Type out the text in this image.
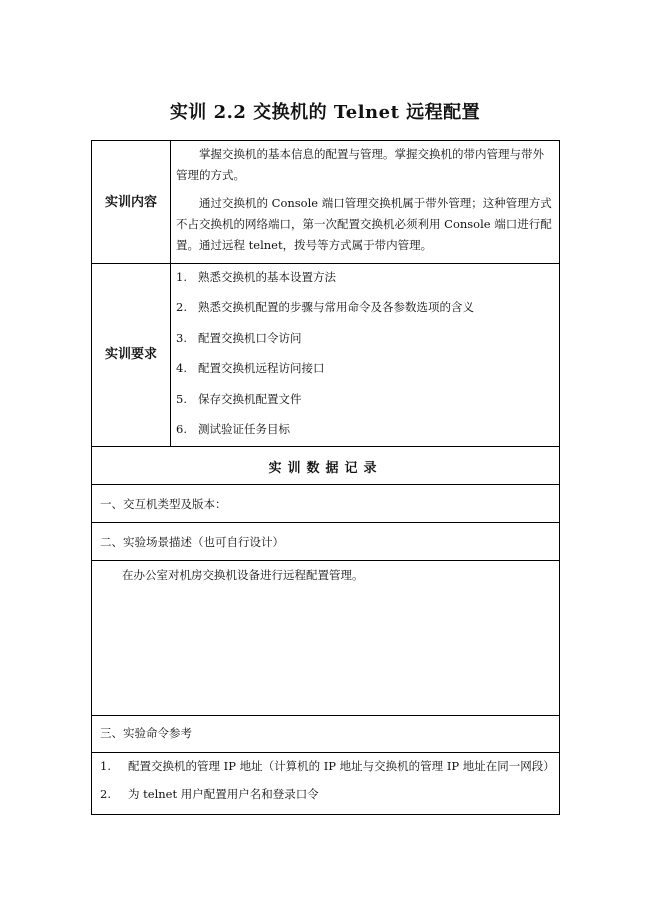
实训 2.2 交换机的 Telnet 远程配置
实训内容

掌握交换机的基本信息的配置与管理。掌握交换机的带内管理与带外管理的方式。

通过交换机的 Console 端口管理交换机属于带外管理；这种管理方式不占交换机的网络端口，第一次配置交换机必须利用 Console 端口进行配置。通过远程 telnet，拨号等方式属于带内管理。

实训要求
1. 熟悉交换机的基本设置方法
2. 熟悉交换机配置的步骤与常用命令及各参数选项的含义
3. 配置交换机口令访问
4. 配置交换机远程访问接口
5. 保存交换机配置文件
6. 测试验证任务目标
实训数据记录
一、交互机类型及版本：
二、实验场景描述（也可自行设计）
在办公室对机房交换机设备进行远程配置管理。
三、实验命令参考
1. 配置交换机的管理 IP 地址（计算机的 IP 地址与交换机的管理 IP 地址在同一网段）
2. 为 telnet 用户配置用户名和登录口令
